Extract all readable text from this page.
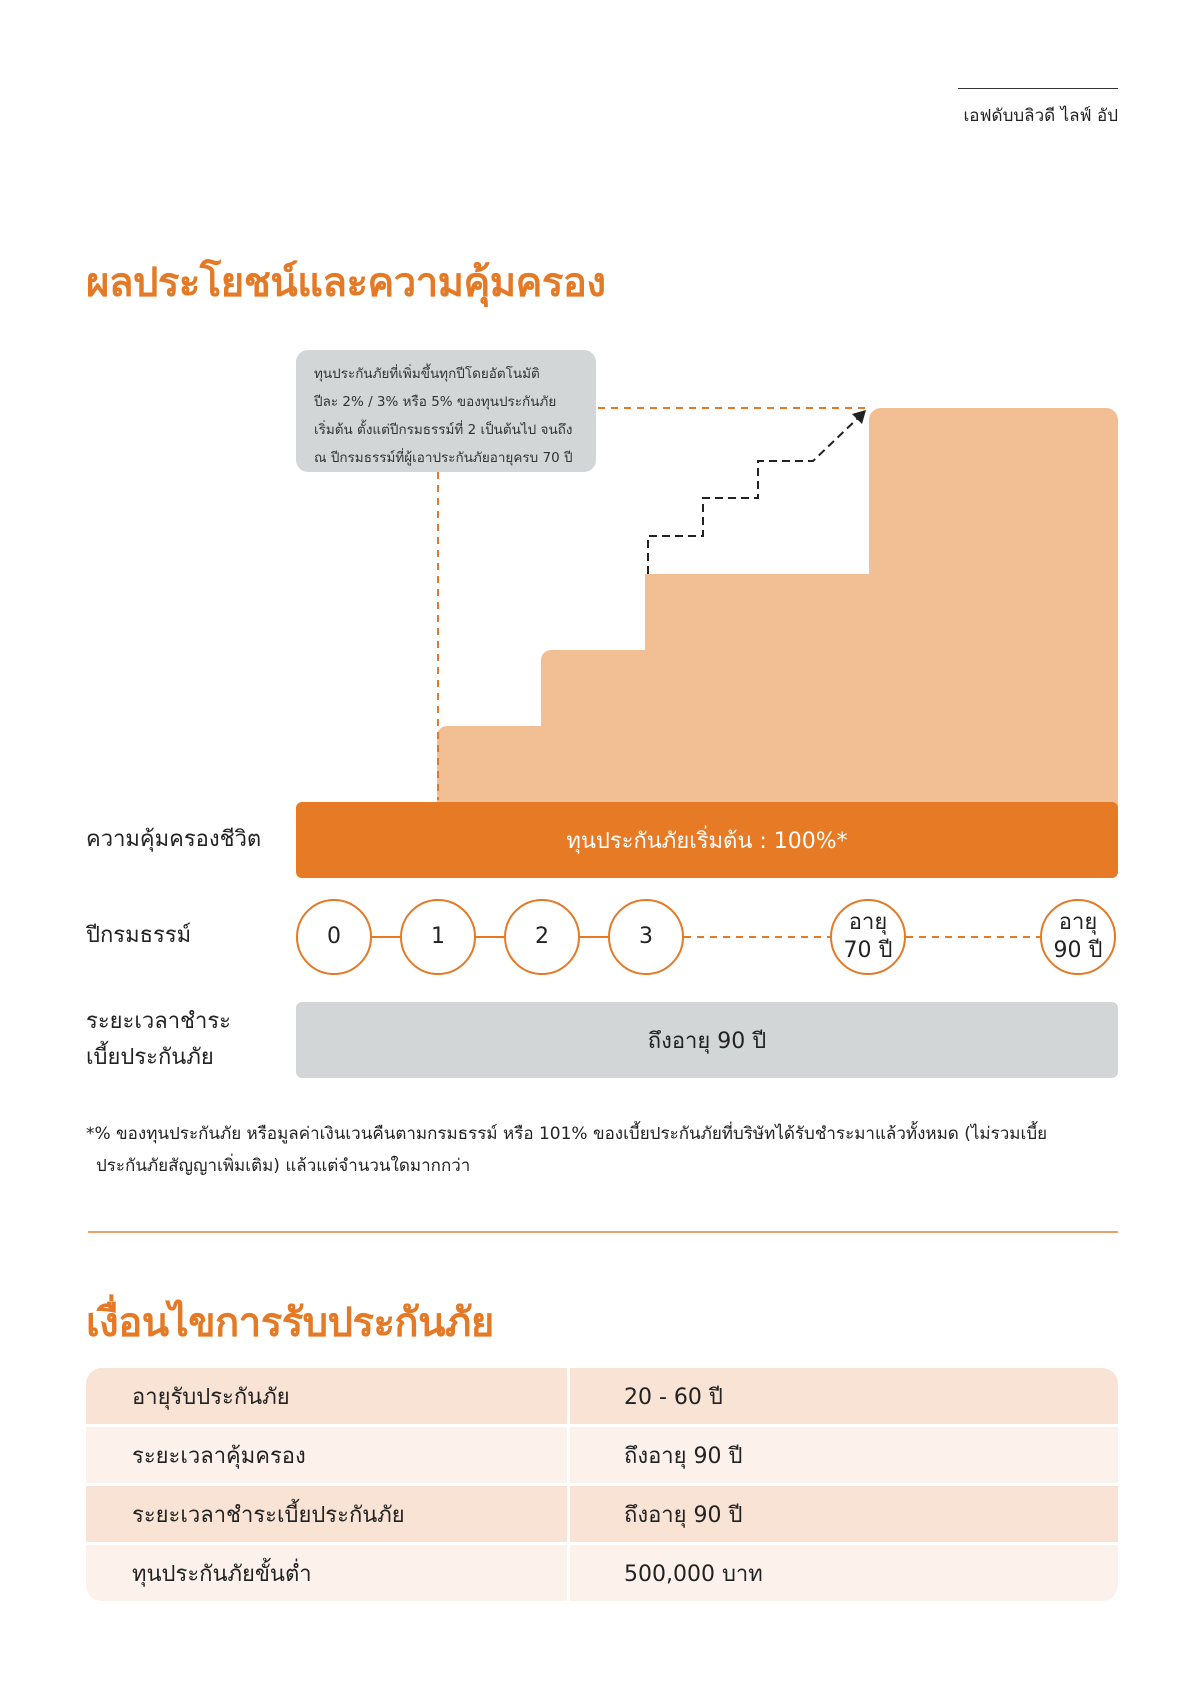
เอฟดับบลิวดี ไลฟ์ อัป
ผลประโยชน์และความคุ้มครอง
ทุนประกันภัยที่เพิ่มขึ้นทุกปีโดยอัตโนมัติ
ปีละ 2% / 3% หรือ 5% ของทุนประกันภัย
เริ่มต้น ตั้งแต่ปีกรมธรรม์ที่ 2 เป็นต้นไป จนถึง
ณ ปีกรมธรรม์ที่ผู้เอาประกันภัยอายุครบ 70 ปี
ความคุ้มครองชีวิต	ทุนประกันภัยเริ่มต้น : 100%*
ปีกรมธรรม์	0	1	2	3
อายุ
70 ปี
อายุ
90 ปี
ระยะเวลาชำระ
เบี้ยประกันภัย
ถึงอายุ 90 ปี
*% ของทุนประกันภัย หรือมูลค่าเงินเวนคืนตามกรมธรรม์ หรือ 101% ของเบี้ยประกันภัยที่บริษัทได้รับชำระมาแล้วทั้งหมด (ไม่รวมเบี้ย
ประกันภัยสัญญาเพิ่มเติม) แล้วแต่จำนวนใดมากกว่า
เงื่อนไขการรับประกันภัย
อายุรับประกันภัย	20 - 60 ปี
ระยะเวลาคุ้มครอง	ถึงอายุ 90 ปี
ระยะเวลาชำระเบี้ยประกันภัย	ถึงอายุ 90 ปี
ทุนประกันภัยขั้นต่ำ	500,000 บาท
